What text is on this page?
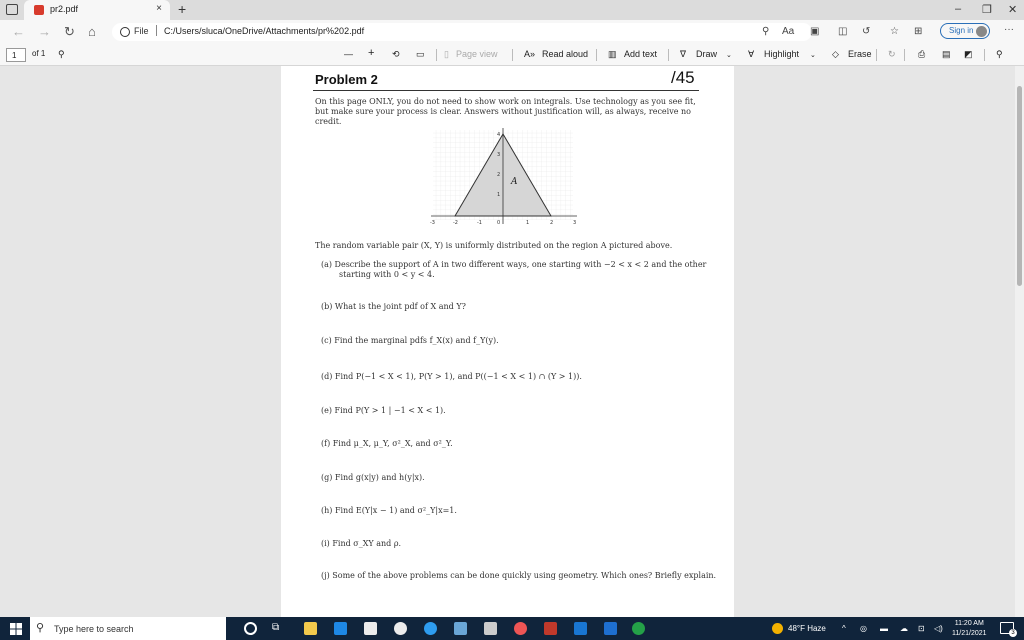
pr2.pdf	× +	– ❐ ✕
← → ↻ ⌂	File C:/Users/sluca/OneDrive/Attachments/pr%202.pdf	⚲ Aa ▣ ◫ ↺ ☆ ⊞	Sign in	···
1	of 1 ⚲	— + ⟲ ▭ ▯ Page view	A» Read aloud ▥ Add text	∇ Draw ⌄ ∀ Highlight ⌄ ◇ Erase ↻ ⎙ ▤ ◩	⚲
Problem 2	/45

On this page ONLY, you do not need to show work on integrals. Use technology as you see fit, but make sure your process is clear. Answers without justification will, as always, receive no credit.

A
-3	-2	-1	0	1	2	3
1
2
3
4

The random variable pair (X, Y) is uniformly distributed on the region A pictured above.

(a) Describe the support of A in two different ways, one starting with −2 < x < 2 and the other
starting with 0 < y < 4.

(b) What is the joint pdf of X and Y?

(c) Find the marginal pdfs f_X(x) and f_Y(y).

(d) Find P(−1 < X < 1), P(Y > 1), and P((−1 < X < 1) ∩ (Y > 1)).

(e) Find P(Y > 1 | −1 < X < 1).

(f) Find μ_X, μ_Y, σ²_X, and σ²_Y.

(g) Find g(x|y) and h(y|x).

(h) Find E(Y|x − 1) and σ²_Y|x=1.

(i) Find σ_XY and ρ.

(j) Some of the above problems can be done quickly using geometry. Which ones? Briefly explain.

⚲ Type here to search	⧉	48°F Haze ^ ◎ ▬ ☁ ⊡ ◁)
11:20 AM
11/21/2021	3
